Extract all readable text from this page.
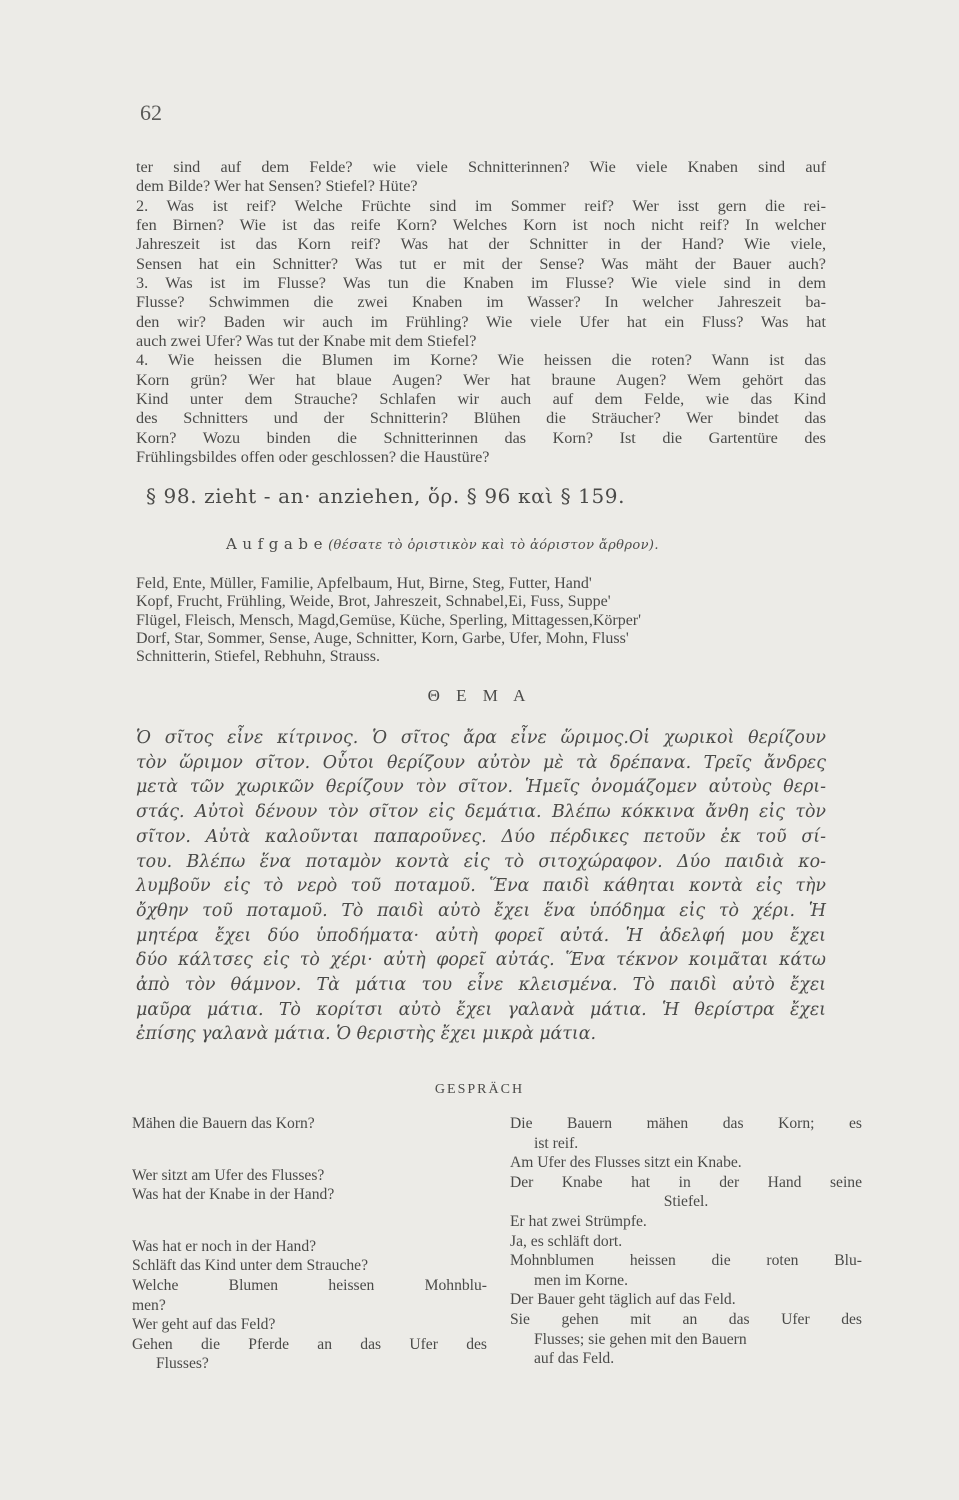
62

ter sind auf dem Felde? wie viele Schnitterinnen? Wie viele Knaben sind auf

dem Bilde? Wer hat Sensen? Stiefel? Hüte?

2. Was ist reif? Welche Früchte sind im Sommer reif? Wer isst gern die rei-

fen Birnen? Wie ist das reife Korn? Welches Korn ist noch nicht reif? In welcher

Jahreszeit ist das Korn reif? Was hat der Schnitter in der Hand? Wie viele,

Sensen hat ein Schnitter? Was tut er mit der Sense? Was mäht der Bauer auch?

3. Was ist im Flusse? Was tun die Knaben im Flusse? Wie viele sind in dem

Flusse? Schwimmen die zwei Knaben im Wasser? In welcher Jahreszeit ba-

den wir? Baden wir auch im Frühling? Wie viele Ufer hat ein Fluss? Was hat

auch zwei Ufer? Was tut der Knabe mit dem Stiefel?

4. Wie heissen die Blumen im Korne? Wie heissen die roten? Wann ist das

Korn grün? Wer hat blaue Augen? Wer hat braune Augen? Wem gehört das

Kind unter dem Strauche? Schlafen wir auch auf dem Felde, wie das Kind

des Schnitters und der Schnitterin? Blühen die Sträucher? Wer bindet das

Korn? Wozu binden die Schnitterinnen das Korn? Ist die Gartentüre des

Frühlingsbildes offen oder geschlossen? die Haustüre?

§ 98. zieht - an· anziehen, ὅρ. § 96 καὶ § 159.
A u f g a b e (θέσατε τὸ ὁριστικὸν καὶ τὸ ἀόριστον ἄρθρον).

Feld, Ente, Müller, Familie, Apfelbaum, Hut, Birne, Steg, Futter, Hand'

Kopf, Frucht, Frühling, Weide, Brot, Jahreszeit, Schnabel,Ei, Fuss, Suppe'

Flügel, Fleisch, Mensch, Magd,Gemüse, Küche, Sperling, Mittagessen,Körper'

Dorf, Star, Sommer, Sense, Auge, Schnitter, Korn, Garbe, Ufer, Mohn, Fluss'

Schnitterin, Stiefel, Rebhuhn, Strauss.

Θ Ε Μ Α

Ὁ σῖτος εἶνε κίτρινος. Ὁ σῖτος ἄρα εἶνε ὥριμος.Οἱ χωρικοὶ θερίζουν

τὸν ὥριμον σῖτον. Οὗτοι θερίζουν αὐτὸν μὲ τὰ δρέπανα. Τρεῖς ἄνδρες

μετὰ τῶν χωρικῶν θερίζουν τὸν σῖτον. Ἡμεῖς ὀνομάζομεν αὐτοὺς θερι-

στάς. Αὐτοὶ δένουν τὸν σῖτον εἰς δεμάτια. Βλέπω κόκκινα ἄνθη εἰς τὸν

σῖτον. Αὐτὰ καλοῦνται παπαροῦνες. Δύο πέρδικες πετοῦν ἐκ τοῦ σί-

του. Βλέπω ἕνα ποταμὸν κοντὰ εἰς τὸ σιτοχώραφον. Δύο παιδιὰ κο-

λυμβοῦν εἰς τὸ νερὸ τοῦ ποταμοῦ. Ἕνα παιδὶ κάθηται κοντὰ εἰς τὴν

ὄχθην τοῦ ποταμοῦ. Τὸ παιδὶ αὐτὸ ἔχει ἕνα ὑπόδημα εἰς τὸ χέρι. Ἡ

μητέρα ἔχει δύο ὑποδήματα· αὐτὴ φορεῖ αὐτά. Ἡ ἀδελφή μου ἔχει

δύο κάλτσες εἰς τὸ χέρι· αὐτὴ φορεῖ αὐτάς. Ἕνα τέκνον κοιμᾶται κάτω

ἀπὸ τὸν θάμνον. Τὰ μάτια του εἶνε κλεισμένα. Τὸ παιδὶ αὐτὸ ἔχει

μαῦρα μάτια. Τὸ κορίτσι αὐτὸ ἔχει γαλανὰ μάτια. Ἡ θερίστρα ἔχει

ἐπίσης γαλανὰ μάτια. Ὁ θεριστὴς ἔχει μικρὰ μάτια.

GESPRÄCH

Mähen die Bauern das Korn?

Wer sitzt am Ufer des Flusses?

Was hat der Knabe in der Hand?

Was hat er noch in der Hand?

Schläft das Kind unter dem Strauche?

Welche Blumen heissen Mohnblu-

men?

Wer geht auf das Feld?

Gehen die Pferde an das Ufer des

Flusses?

Die Bauern mähen das Korn; es

ist reif.

Am Ufer des Flusses sitzt ein Knabe.

Der Knabe hat in der Hand seine

Stiefel.

Er hat zwei Strümpfe.

Ja, es schläft dort.

Mohnblumen heissen die roten Blu-

men im Korne.

Der Bauer geht täglich auf das Feld.

Sie gehen mit an das Ufer des

Flusses; sie gehen mit den Bauern

auf das Feld.
